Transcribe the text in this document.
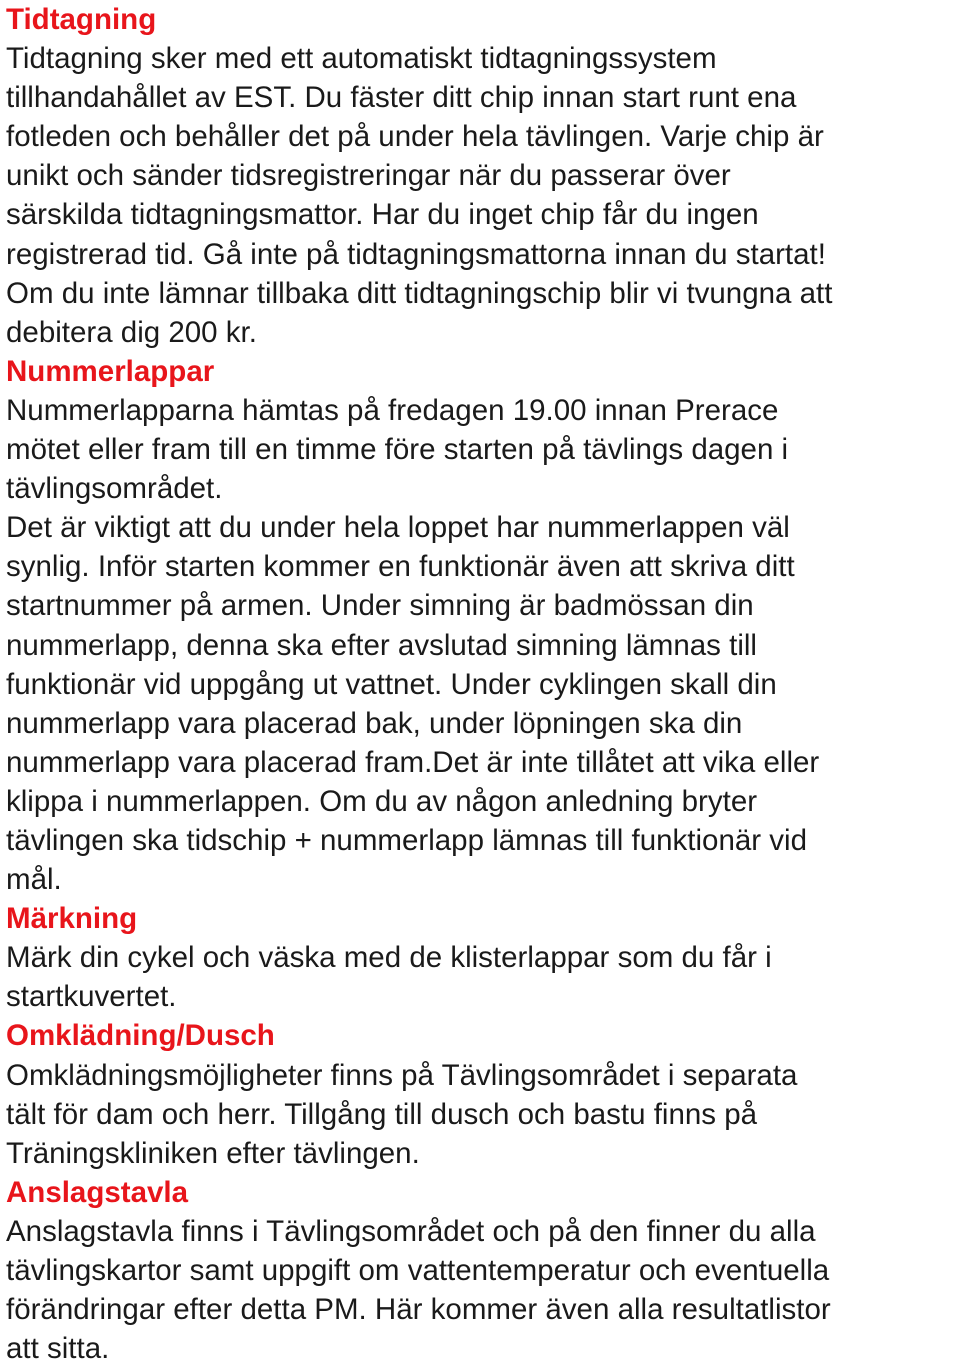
Tidtagning
Tidtagning sker med ett automatiskt tidtagningssystem
tillhandahållet av EST. Du fäster ditt chip innan start runt ena
fotleden och behåller det på under hela tävlingen. Varje chip är
unikt och sänder tidsregistreringar när du passerar över
särskilda tidtagningsmattor. Har du inget chip får du ingen
registrerad tid. Gå inte på tidtagningsmattorna innan du startat!
Om du inte lämnar tillbaka ditt tidtagningschip blir vi tvungna att
debitera dig 200 kr.
Nummerlappar
Nummerlapparna hämtas på fredagen 19.00 innan Prerace
mötet eller fram till en timme före starten på tävlings dagen i
tävlingsområdet.
Det är viktigt att du under hela loppet har nummerlappen väl
synlig. Inför starten kommer en funktionär även att skriva ditt
startnummer på armen. Under simning är badmössan din
nummerlapp, denna ska efter avslutad simning lämnas till
funktionär vid uppgång ut vattnet. Under cyklingen skall din
nummerlapp vara placerad bak, under löpningen ska din
nummerlapp vara placerad fram.Det är inte tillåtet att vika eller
klippa i nummerlappen. Om du av någon anledning bryter
tävlingen ska tidschip + nummerlapp lämnas till funktionär vid
mål.
Märkning
Märk din cykel och väska med de klisterlappar som du får i
startkuvertet.
Omklädning/Dusch
Omklädningsmöjligheter finns på Tävlingsområdet i separata
tält för dam och herr. Tillgång till dusch och bastu finns på
Träningskliniken efter tävlingen.
Anslagstavla
Anslagstavla finns i Tävlingsområdet och på den finner du alla
tävlingskartor samt uppgift om vattentemperatur och eventuella
förändringar efter detta PM. Här kommer även alla resultatlistor
att sitta.
